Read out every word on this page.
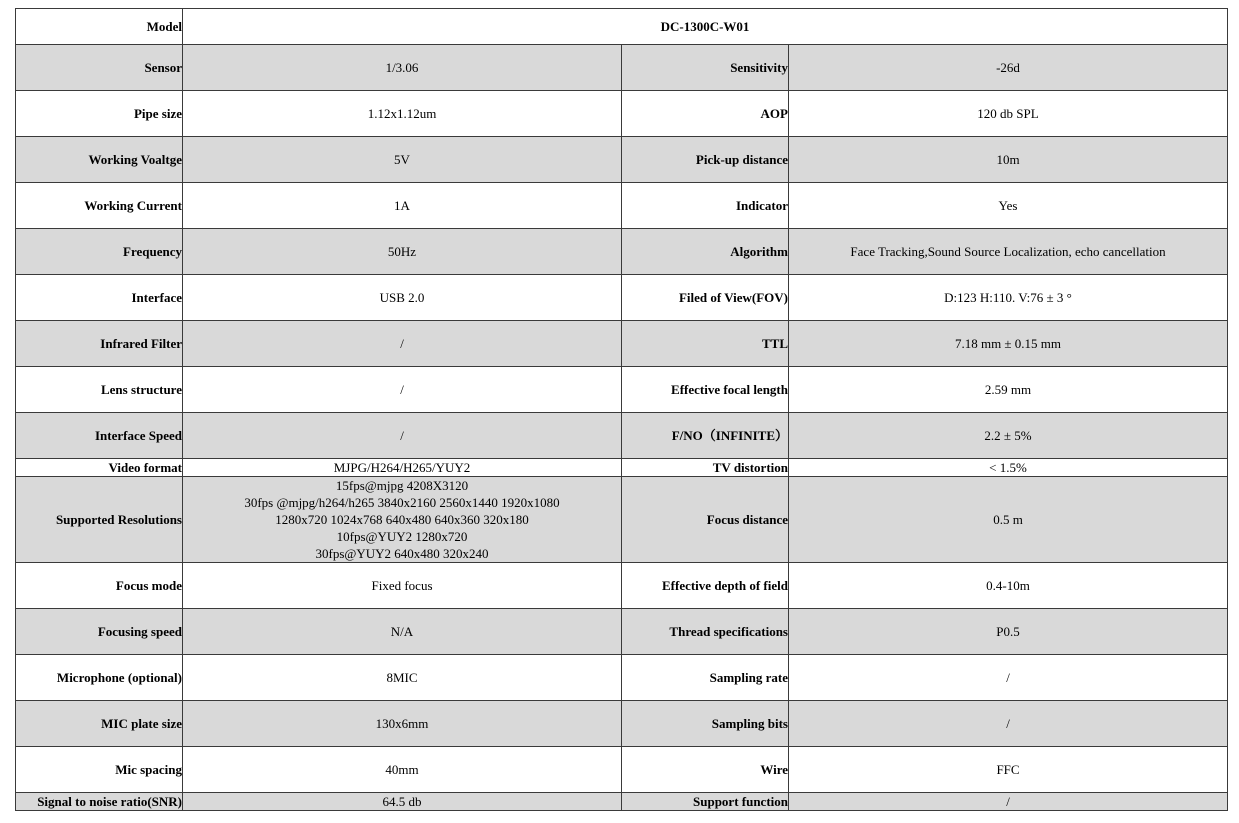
Model	DC-1300C-W01		
Sensor	1/3.06	Sensitivity	-26d
Pipe size	1.12x1.12um	AOP	120 db SPL
Working Voaltge	5V	Pick-up distance	10m
Working Current	1A	Indicator	Yes
Frequency	50Hz	Algorithm	Face Tracking,Sound Source Localization, echo cancellation
Interface	USB 2.0	Filed of View(FOV)	D:123 H:110. V:76 ± 3 °
Infrared Filter	/	TTL	7.18 mm ± 0.15 mm
Lens structure	/	Effective focal length	2.59 mm
Interface Speed	/	F/NO（INFINITE）	2.2 ± 5%
Video format	MJPG/H264/H265/YUY2	TV distortion	< 1.5%
Supported Resolutions	15fps@mjpg 4208X3120
30fps @mjpg/h264/h265 3840x2160 2560x1440 1920x1080
1280x720 1024x768 640x480 640x360 320x180
10fps@YUY2 1280x720
30fps@YUY2 640x480 320x240	Focus distance	0.5 m
Focus mode	Fixed focus	Effective depth of field	0.4-10m
Focusing speed	N/A	Thread specifications	P0.5
Microphone (optional)	8MIC	Sampling rate	/
MIC plate size	130x6mm	Sampling bits	/
Mic spacing	40mm	Wire	FFC
Signal to noise ratio(SNR)	64.5 db	Support function	/
